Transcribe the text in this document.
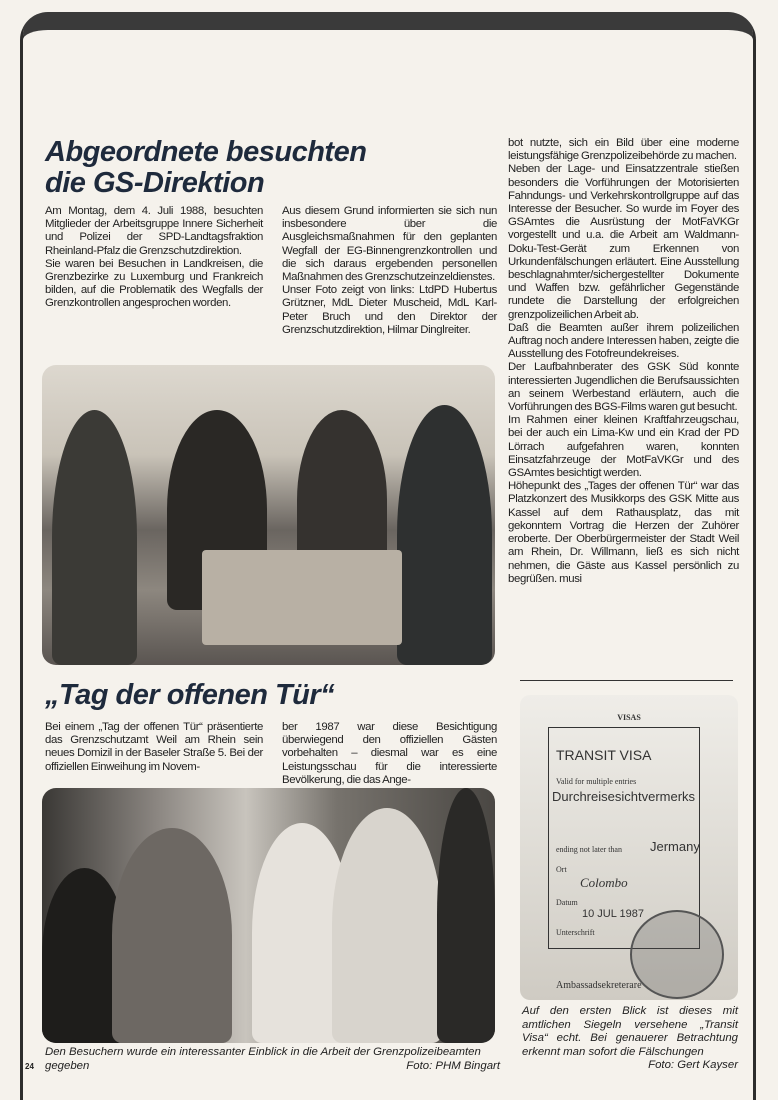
Abgeordnete besuchten
die GS-Direktion

Am Montag, dem 4. Juli 1988, besuchten Mitglieder der Arbeitsgruppe Innere Sicherheit und Polizei der SPD-Landtagsfraktion Rheinland-Pfalz die Grenzschutzdirektion.

Sie waren bei Besuchen in Landkreisen, die Grenzbezirke zu Luxemburg und Frankreich bilden, auf die Problematik des Wegfalls der Grenzkontrollen angesprochen worden.

Aus diesem Grund informierten sie sich nun insbesondere über die Ausgleichsmaßnahmen für den geplanten Wegfall der EG-Binnengrenzkontrollen und die sich daraus ergebenden personellen Maßnahmen des Grenzschutzeinzeldienstes.

Unser Foto zeigt von links: LtdPD Hubertus Grützner, MdL Dieter Muscheid, MdL Karl-Peter Bruch und den Direktor der Grenzschutzdirektion, Hilmar Dinglreiter.

bot nutzte, sich ein Bild über eine moderne leistungsfähige Grenzpolizeibehörde zu machen.

Neben der Lage- und Einsatzzentrale stießen besonders die Vorführungen der Motorisierten Fahndungs- und Verkehrskontrollgruppe auf das Interesse der Besucher. So wurde im Foyer des GSAmtes die Ausrüstung der MotFaVKGr vorgestellt und u.a. die Arbeit am Waldmann-Doku-Test-Gerät zum Erkennen von Urkundenfälschungen erläutert. Eine Ausstellung beschlagnahmter/sichergestellter Dokumente und Waffen bzw. gefährlicher Gegenstände rundete die Darstellung der erfolgreichen grenzpolizeilichen Arbeit ab.

Daß die Beamten außer ihrem polizeilichen Auftrag noch andere Interessen haben, zeigte die Ausstellung des Fotofreundekreises.

Der Laufbahnberater des GSK Süd konnte interessierten Jugendlichen die Berufsaussichten an seinem Werbestand erläutern, auch die Vorführungen des BGS-Films waren gut besucht.

Im Rahmen einer kleinen Kraftfahrzeugschau, bei der auch ein Lima-Kw und ein Krad der PD Lörrach aufgefahren waren, konnten Einsatzfahrzeuge der MotFaVKGr und des GSAmtes besichtigt werden.

Höhepunkt des „Tages der offenen Tür“ war das Platzkonzert des Musikkorps des GSK Mitte aus Kassel auf dem Rathausplatz, das mit gekonntem Vortrag die Herzen der Zuhörer eroberte. Der Oberbürgermeister der Stadt Weil am Rhein, Dr. Willmann, ließ es sich nicht nehmen, die Gäste aus Kassel persönlich zu begrüßen. musi

„Tag der offenen Tür“

Bei einem „Tag der offenen Tür“ präsentierte das Grenzschutzamt Weil am Rhein sein neues Domizil in der Baseler Straße 5. Bei der offiziellen Einweihung im Novem-

ber 1987 war diese Besichtigung überwiegend den offiziellen Gästen vorbehalten – diesmal war es eine Leistungsschau für die interessierte Bevölkerung, die das Ange-

Den Besuchern wurde ein interessanter Einblick in die Arbeit der Grenzpolizeibeamten gegeben	Foto: PHM Bingart
24
VISAS
TRANSIT VISA
Valid for multiple entries
Durchreisesichtvermerks
ending not later than Jermany
Ort
Colombo
Datum
10 JUL 1987
Unterschrift
Ambassadsekreterare
Auf den ersten Blick ist dieses mit amtlichen Siegeln versehene „Transit Visa“ echt. Bei genauerer Betrachtung erkennt man sofort die Fälschungen
Foto: Gert Kayser
